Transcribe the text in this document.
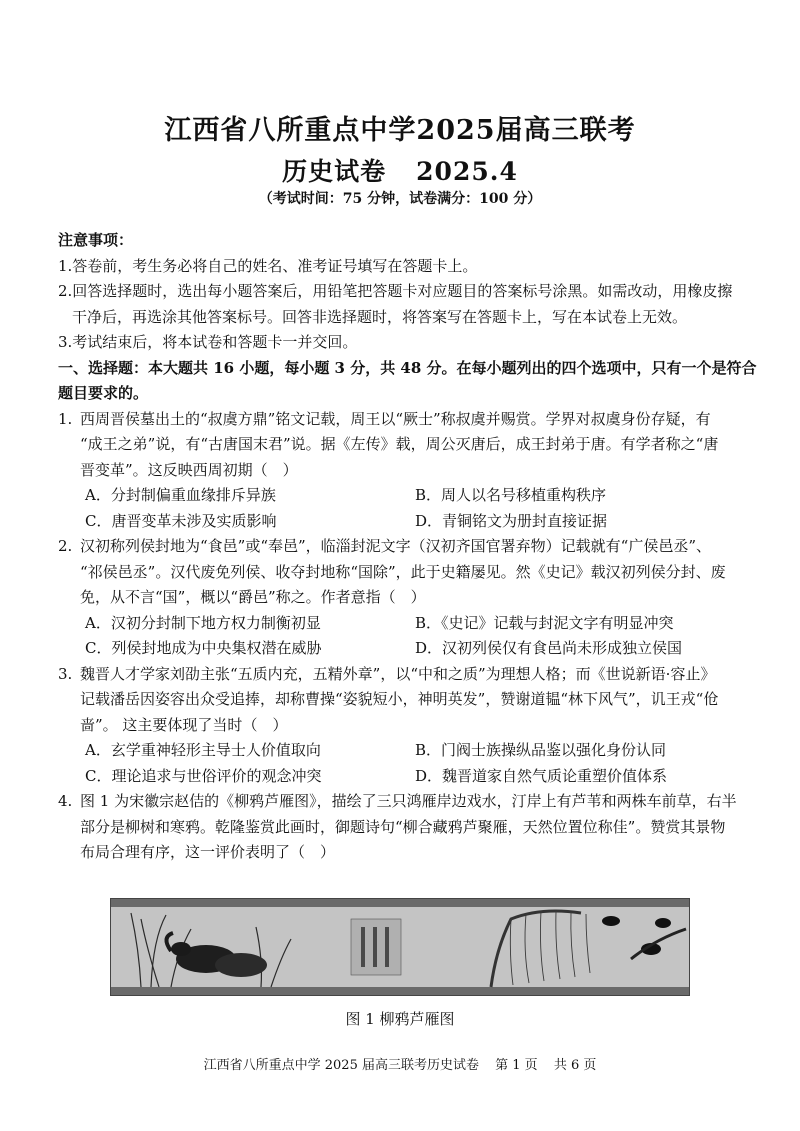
江西省八所重点中学2025届高三联考
历史试卷 2025.4
（考试时间：75 分钟，试卷满分：100 分）
注意事项：
1.答卷前，考生务必将自己的姓名、准考证号填写在答题卡上。
2.回答选择题时，选出每小题答案后，用铅笔把答题卡对应题目的答案标号涂黑。如需改动，用橡皮擦
干净后，再选涂其他答案标号。回答非选择题时，将答案写在答题卡上，写在本试卷上无效。
3.考试结束后，将本试卷和答题卡一并交回。
一、选择题：本大题共 16 小题，每小题 3 分，共 48 分。在每小题列出的四个选项中，只有一个是符合
题目要求的。
1. 西周晋侯墓出土的“叔虞方鼎”铭文记载，周王以“厥士”称叔虞并赐赏。学界对叔虞身份存疑，有
“成王之弟”说，有“古唐国末君”说。据《左传》载，周公灭唐后，成王封弟于唐。有学者称之“唐
晋变革”。这反映西周初期（　）
A．分封制偏重血缘排斥异族	B．周人以名号移植重构秩序
C．唐晋变革未涉及实质影响	D．青铜铭文为册封直接证据
2. 汉初称列侯封地为“食邑”或“奉邑”，临淄封泥文字（汉初齐国官署弃物）记载就有“广侯邑丞”、
“祁侯邑丞”。汉代废免列侯、收夺封地称“国除”，此于史籍屡见。然《史记》载汉初列侯分封、废
免，从不言“国”，概以“爵邑”称之。作者意指（　）
A．汉初分封制下地方权力制衡初显	B．《史记》记载与封泥文字有明显冲突
C．列侯封地成为中央集权潜在威胁	D．汉初列侯仅有食邑尚未形成独立侯国
3. 魏晋人才学家刘劭主张“五质内充，五精外章”，以“中和之质”为理想人格；而《世说新语·容止》
记载潘岳因姿容出众受追捧，却称曹操“姿貌短小，神明英发”，赞谢道韫“林下风气”，讥王戎“伧
啬”。 这主要体现了当时（　）
A．玄学重神轻形主导士人价值取向	B．门阀士族操纵品鉴以强化身份认同
C．理论追求与世俗评价的观念冲突	D．魏晋道家自然气质论重塑价值体系
4. 图 1 为宋徽宗赵佶的《柳鸦芦雁图》，描绘了三只鸿雁岸边戏水，汀岸上有芦苇和两株车前草，右半
部分是柳树和寒鸦。乾隆鉴赏此画时，御题诗句“柳合藏鸦芦聚雁，天然位置位称佳”。赞赏其景物
布局合理有序，这一评价表明了（　）
图 1 柳鸦芦雁图
江西省八所重点中学 2025 届高三联考历史试卷 第 1 页 共 6 页
